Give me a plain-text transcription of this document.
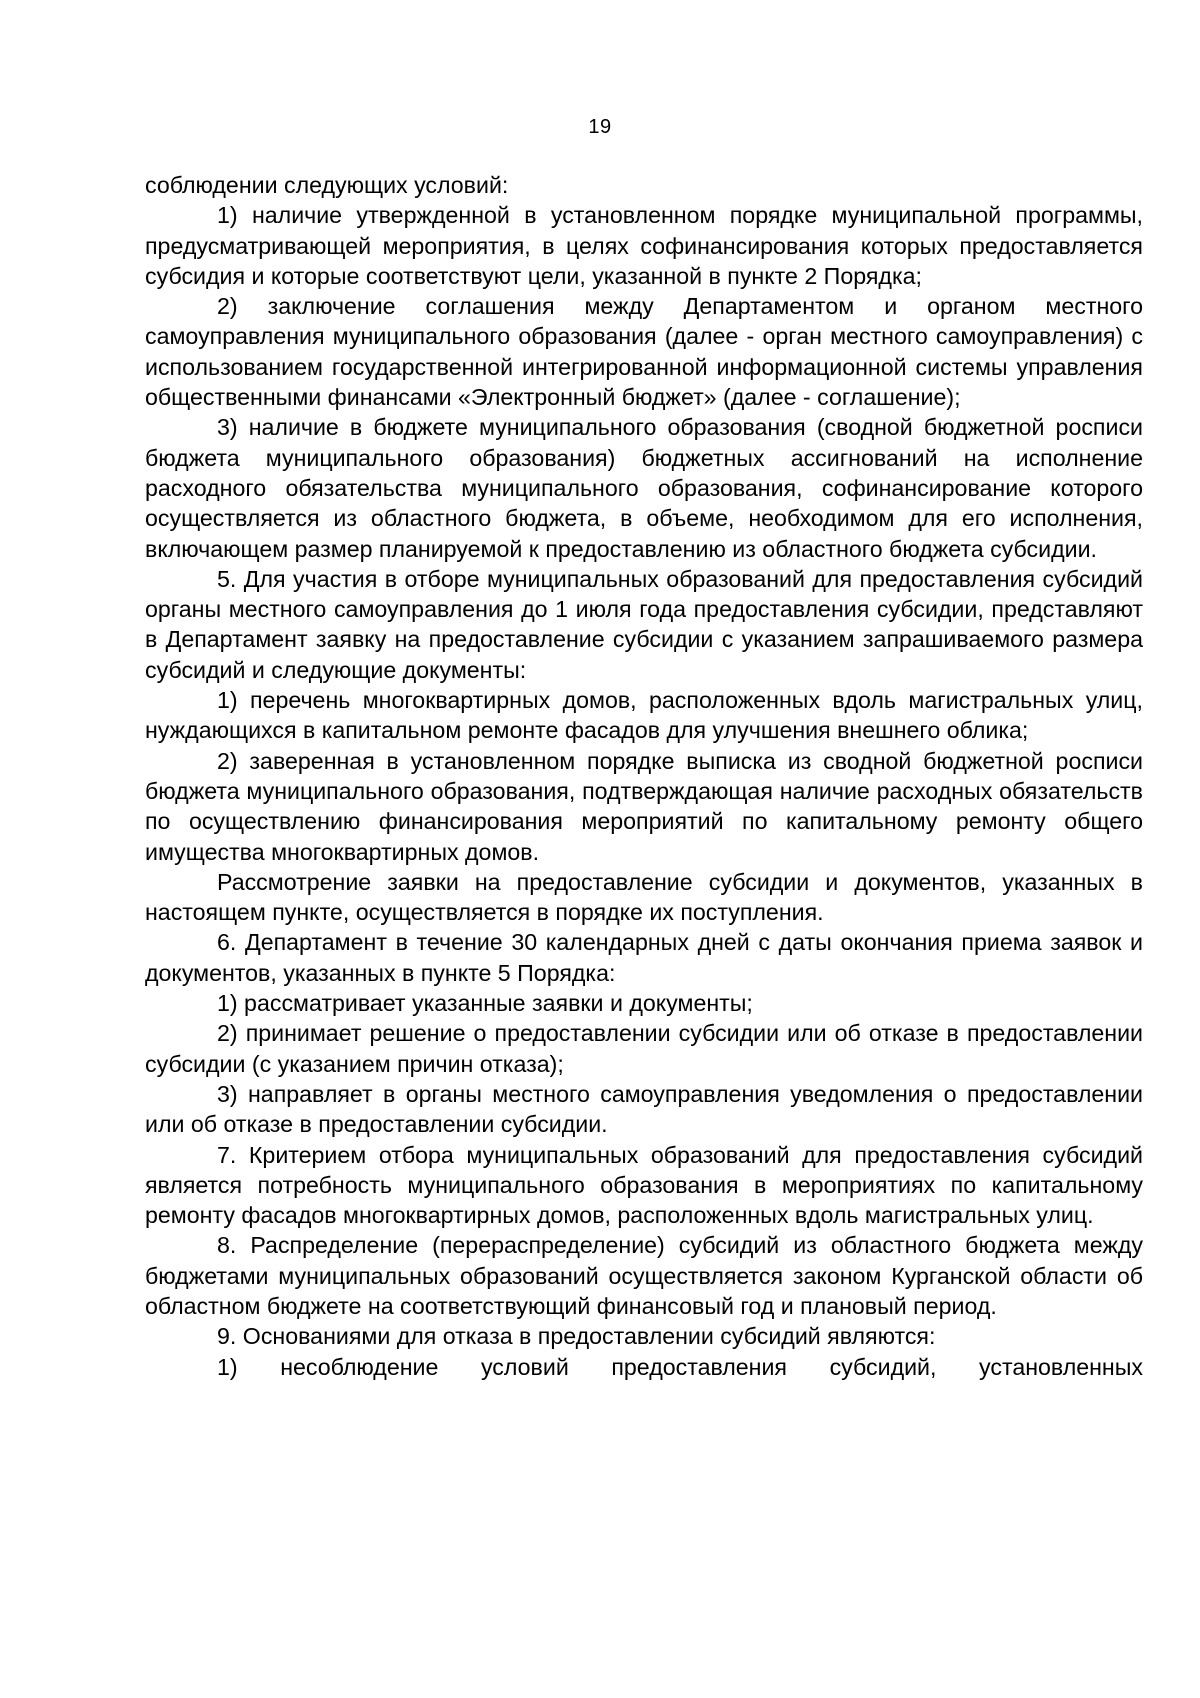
19

соблюдении следующих условий:

1) наличие утвержденной в установленном порядке муниципальной программы, предусматривающей мероприятия, в целях софинансирования которых предоставляется субсидия и которые соответствуют цели, указанной в пункте 2 Порядка;

2) заключение соглашения между Департаментом и органом местного самоуправления муниципального образования (далее - орган местного самоуправления) с использованием государственной интегрированной информационной системы управления общественными финансами «Электронный бюджет» (далее - соглашение);

3) наличие в бюджете муниципального образования (сводной бюджетной росписи бюджета муниципального образования) бюджетных ассигнований на исполнение расходного обязательства муниципального образования, софинансирование которого осуществляется из областного бюджета, в объеме, необходимом для его исполнения, включающем размер планируемой к предоставлению из областного бюджета субсидии.

5. Для участия в отборе муниципальных образований для предоставления субсидий органы местного самоуправления до 1 июля года предоставления субсидии, представляют в Департамент заявку на предоставление субсидии с указанием запрашиваемого размера субсидий и следующие документы:

1) перечень многоквартирных домов, расположенных вдоль магистральных улиц, нуждающихся в капитальном ремонте фасадов для улучшения внешнего облика;

2) заверенная в установленном порядке выписка из сводной бюджетной росписи бюджета муниципального образования, подтверждающая наличие расходных обязательств по осуществлению финансирования мероприятий по капитальному ремонту общего имущества многоквартирных домов.

Рассмотрение заявки на предоставление субсидии и документов, указанных в настоящем пункте, осуществляется в порядке их поступления.

6. Департамент в течение 30 календарных дней с даты окончания приема заявок и документов, указанных в пункте 5 Порядка:

1) рассматривает указанные заявки и документы;

2) принимает решение о предоставлении субсидии или об отказе в предоставлении субсидии (с указанием причин отказа);

3) направляет в органы местного самоуправления уведомления о предоставлении или об отказе в предоставлении субсидии.

7. Критерием отбора муниципальных образований для предоставления субсидий является потребность муниципального образования в мероприятиях по капитальному ремонту фасадов многоквартирных домов, расположенных вдоль магистральных улиц.

8. Распределение (перераспределение) субсидий из областного бюджета между бюджетами муниципальных образований осуществляется законом Курганской области об областном бюджете на соответствующий финансовый год и плановый период.

9. Основаниями для отказа в предоставлении субсидий являются:

1) несоблюдение условий предоставления субсидий, установленных
